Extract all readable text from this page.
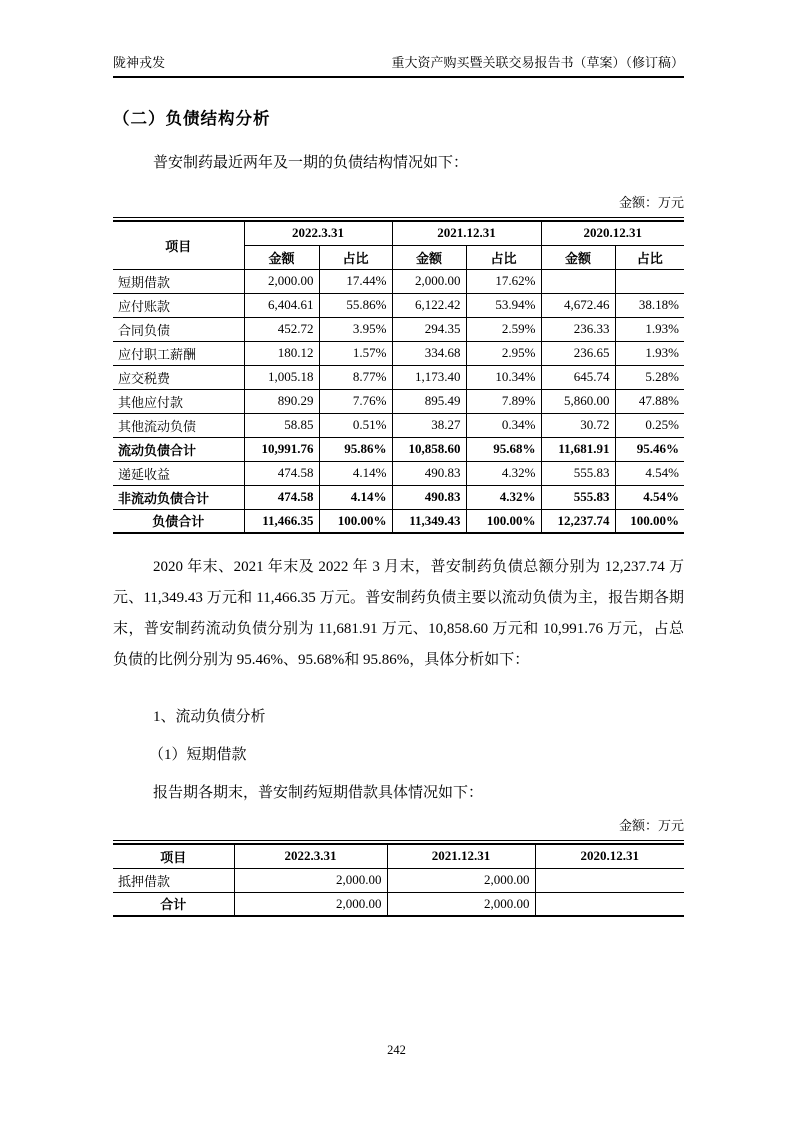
陇神戎发	重大资产购买暨关联交易报告书（草案）（修订稿）
（二）负债结构分析

普安制药最近两年及一期的负债结构情况如下：

金额：万元
项目	2022.3.31		2021.12.31		2020.12.31	
	金额	占比	金额	占比	金额	占比
短期借款	2,000.00	17.44%	2,000.00	17.62%		
应付账款	6,404.61	55.86%	6,122.42	53.94%	4,672.46	38.18%
合同负债	452.72	3.95%	294.35	2.59%	236.33	1.93%
应付职工薪酬	180.12	1.57%	334.68	2.95%	236.65	1.93%
应交税费	1,005.18	8.77%	1,173.40	10.34%	645.74	5.28%
其他应付款	890.29	7.76%	895.49	7.89%	5,860.00	47.88%
其他流动负债	58.85	0.51%	38.27	0.34%	30.72	0.25%
流动负债合计	10,991.76	95.86%	10,858.60	95.68%	11,681.91	95.46%
递延收益	474.58	4.14%	490.83	4.32%	555.83	4.54%
非流动负债合计	474.58	4.14%	490.83	4.32%	555.83	4.54%
负债合计	11,466.35	100.00%	11,349.43	100.00%	12,237.74	100.00%

2020 年末、2021 年末及 2022 年 3 月末，普安制药负债总额分别为 12,237.74 万元、11,349.43 万元和 11,466.35 万元。普安制药负债主要以流动负债为主，报告期各期末，普安制药流动负债分别为 11,681.91 万元、10,858.60 万元和 10,991.76 万元，占总负债的比例分别为 95.46%、95.68%和 95.86%，具体分析如下：

1、流动负债分析

（1）短期借款

报告期各期末，普安制药短期借款具体情况如下：

金额：万元
项目	2022.3.31	2021.12.31	2020.12.31
抵押借款	2,000.00	2,000.00	
合计	2,000.00	2,000.00	
242
